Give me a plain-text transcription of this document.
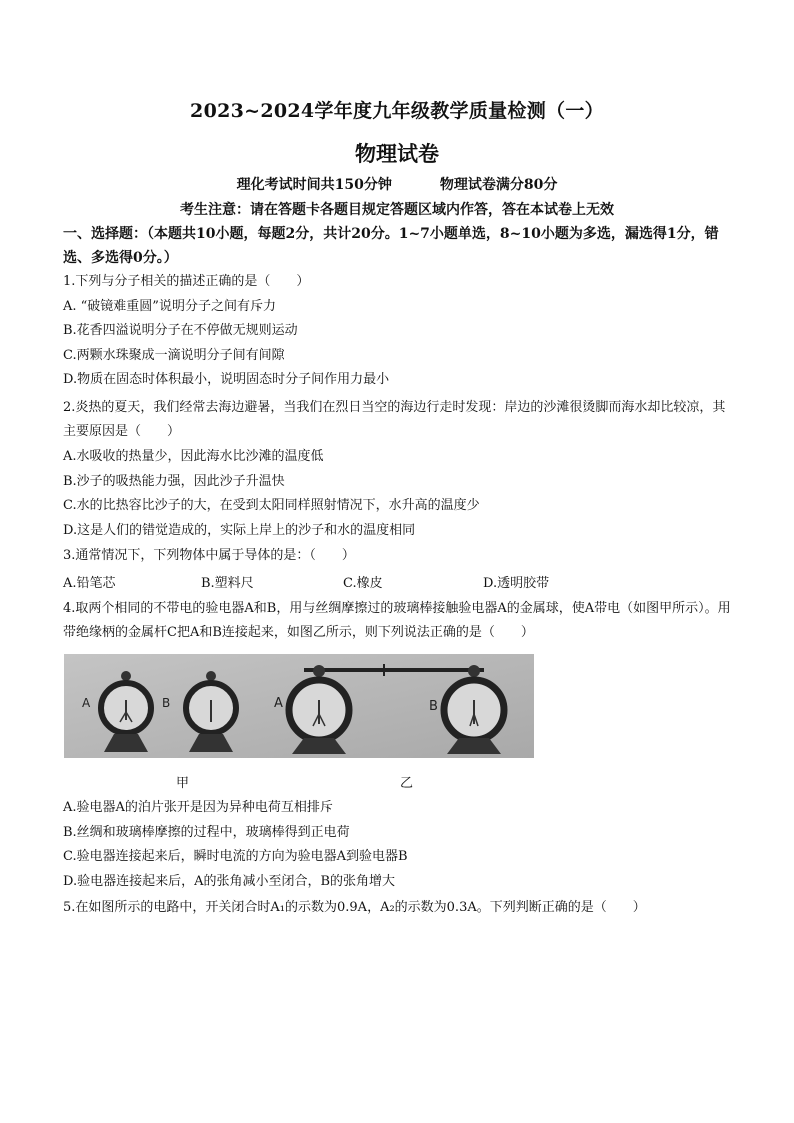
2023~2024学年度九年级教学质量检测（一）
物理试卷
理化考试时间共150分钟	物理试卷满分80分
考生注意：请在答题卡各题目规定答题区域内作答，答在本试卷上无效
一、选择题：（本题共10小题，每题2分，共计20分。1~7小题单选，8~10小题为多选，漏选得1分，错选、多选得0分。）
1.下列与分子相关的描述正确的是（　　）
A. “破镜难重圆”说明分子之间有斥力
B.花香四溢说明分子在不停做无规则运动
C.两颗水珠聚成一滴说明分子间有间隙
D.物质在固态时体积最小，说明固态时分子间作用力最小
2.炎热的夏天，我们经常去海边避暑，当我们在烈日当空的海边行走时发现：岸边的沙滩很烫脚而海水却比较凉，其主要原因是（　　）
A.水吸收的热量少，因此海水比沙滩的温度低
B.沙子的吸热能力强，因此沙子升温快
C.水的比热容比沙子的大，在受到太阳同样照射情况下，水升高的温度少
D.这是人们的错觉造成的，实际上岸上的沙子和水的温度相同
3.通常情况下，下列物体中属于导体的是：（　　）
A.铅笔芯	B.塑料尺	C.橡皮	D.透明胶带
4.取两个相同的不带电的验电器A和B，用与丝绸摩擦过的玻璃棒接触验电器A的金属球，使A带电（如图甲所示）。用带绝缘柄的金属杆C把A和B连接起来，如图乙所示，则下列说法正确的是（　　）
A	B	A	B
甲	乙
A.验电器A的泊片张开是因为异种电荷互相排斥
B.丝绸和玻璃棒摩擦的过程中，玻璃棒得到正电荷
C.验电器连接起来后，瞬时电流的方向为验电器A到验电器B
D.验电器连接起来后，A的张角减小至闭合，B的张角增大
5.在如图所示的电路中，开关闭合时A₁的示数为0.9A，A₂的示数为0.3A。下列判断正确的是（　　）
